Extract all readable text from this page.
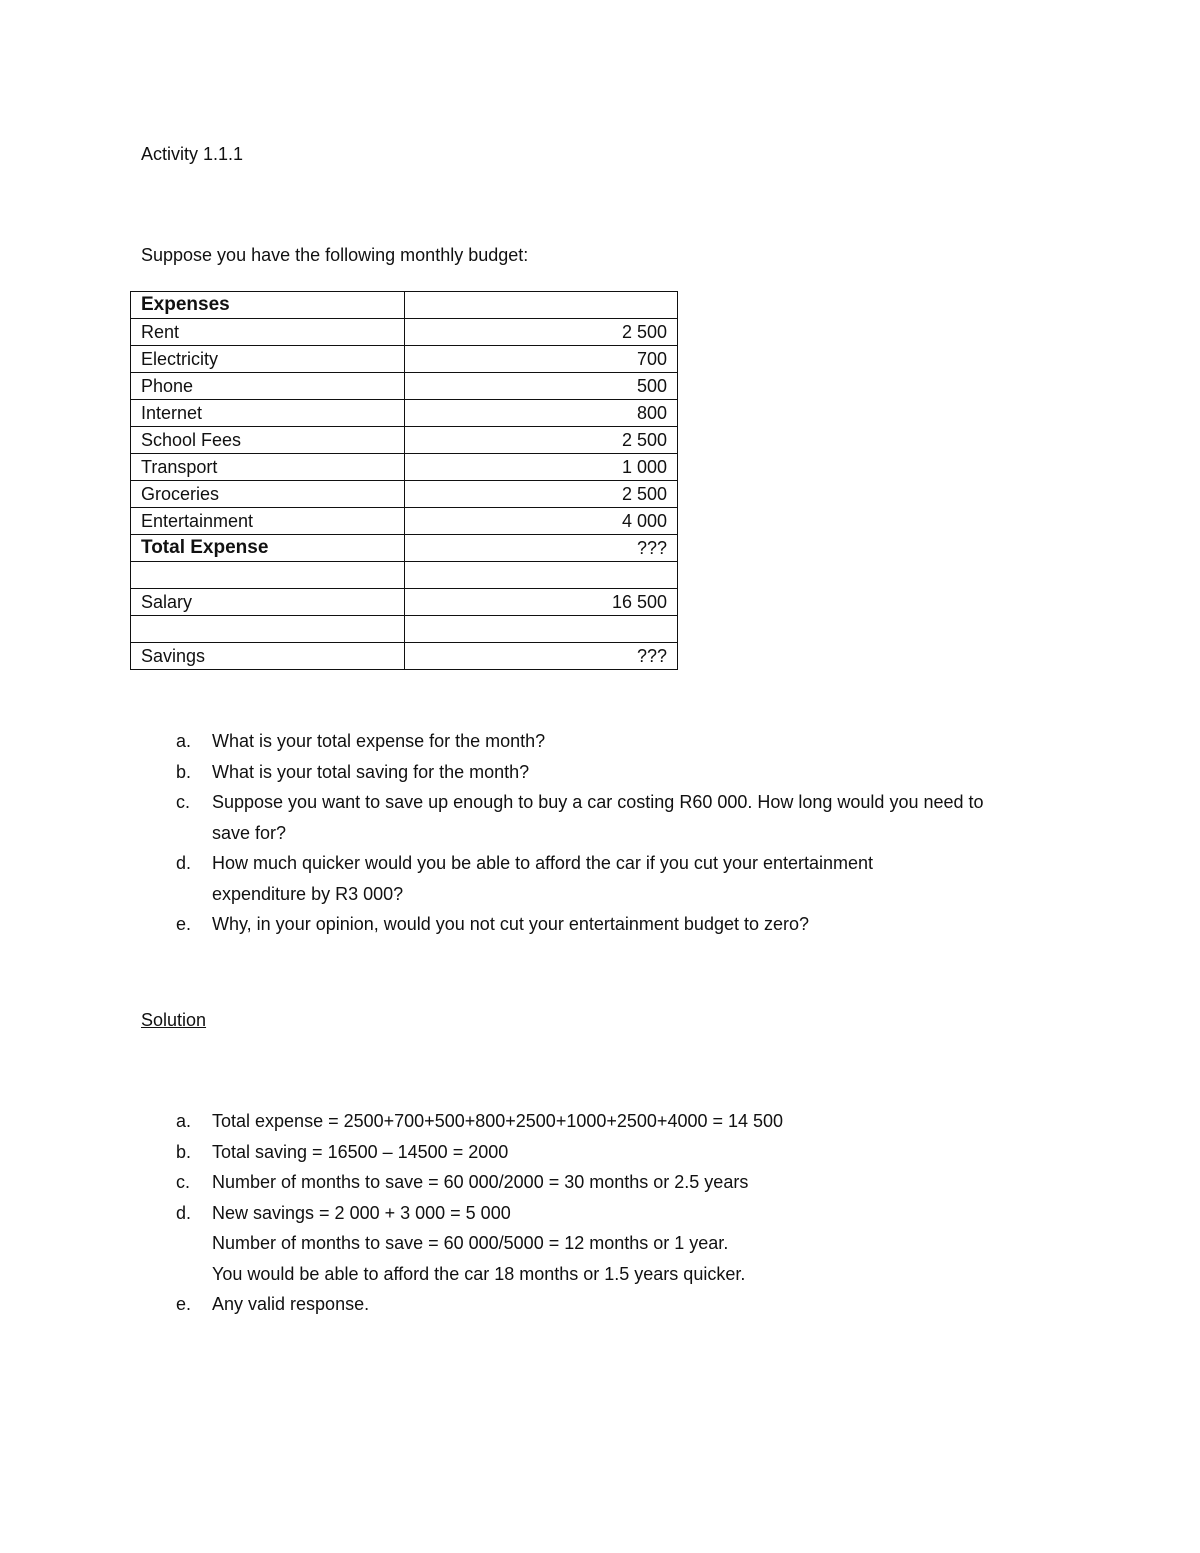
Activity 1.1.1
Suppose you have the following monthly budget:
Expenses	
Rent	2 500
Electricity	700
Phone	500
Internet	800
School Fees	2 500
Transport	1 000
Groceries	2 500
Entertainment	4 000
Total Expense	???

Salary	16 500

Savings	???
a. What is your total expense for the month?
b. What is your total saving for the month?
c. Suppose you want to save up enough to buy a car costing R60 000. How long would you need to
save for?
d. How much quicker would you be able to afford the car if you cut your entertainment
expenditure by R3 000?
e. Why, in your opinion, would you not cut your entertainment budget to zero?
Solution
a. Total expense = 2500+700+500+800+2500+1000+2500+4000 = 14 500
b. Total saving = 16500 – 14500 = 2000
c. Number of months to save = 60 000/2000 = 30 months or 2.5 years
d. New savings = 2 000 + 3 000 = 5 000
Number of months to save = 60 000/5000 = 12 months or 1 year.
You would be able to afford the car 18 months or 1.5 years quicker.
e. Any valid response.
